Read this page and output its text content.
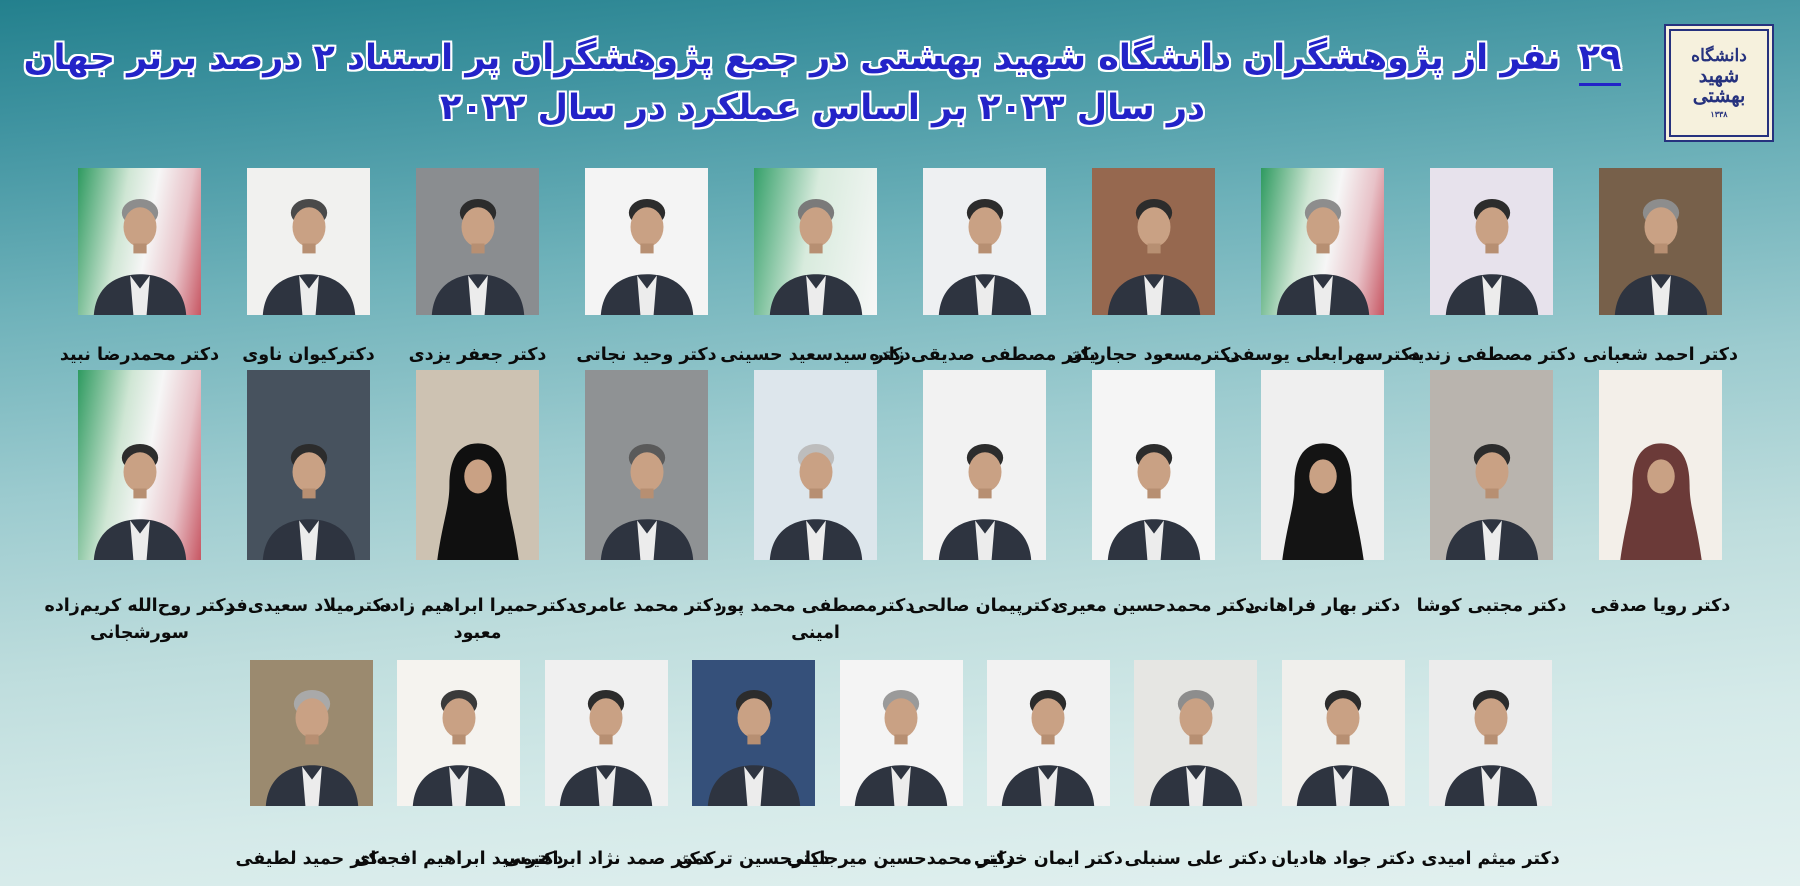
۲۹ نفر از پژوهشگران دانشگاه شهید بهشتی در جمع پژوهشگران پر استناد ۲ درصد برتر جهان در سال ۲۰۲۳ بر اساس عملکرد در سال ۲۰۲۲
دانشگاه
شهید
بهشتی
۱۳۳۸
دکتر احمد شعبانی
دکتر مصطفی زندیه
دکترسهرابعلی یوسفی
دکترمسعود حجاریان
دکتر مصطفی صدیقی زاده
دکتر سیدسعید حسینی
دکتر وحید نجاتی
دکتر جعفر یزدی
دکترکیوان ناوی
دکتر محمدرضا نبید
دکتر رویا صدقی
دکتر مجتبی کوشا
دکتر بهار فراهانی
دکتر محمدحسین معیری
دکترپیمان صالحی
دکترمصطفی محمد پور
امینی
دکتر محمد عامری
دکترحمیرا ابراهیم زاده
معبود
دکترمیلاد سعیدی‌فر
دکتر روح‌الله کریم‌زاده
سورشجانی
دکتر میثم امیدی
دکتر جواد هادیان
دکتر علی سنبلی
دکتر ایمان خزایی
دکتر محمدحسین میرجلیلی
دکترحسین ترکمن
دکتر صمد نژاد ابراهیمی
دکترسید ابراهیم افجه‌ای
دکتر حمید لطیفی
